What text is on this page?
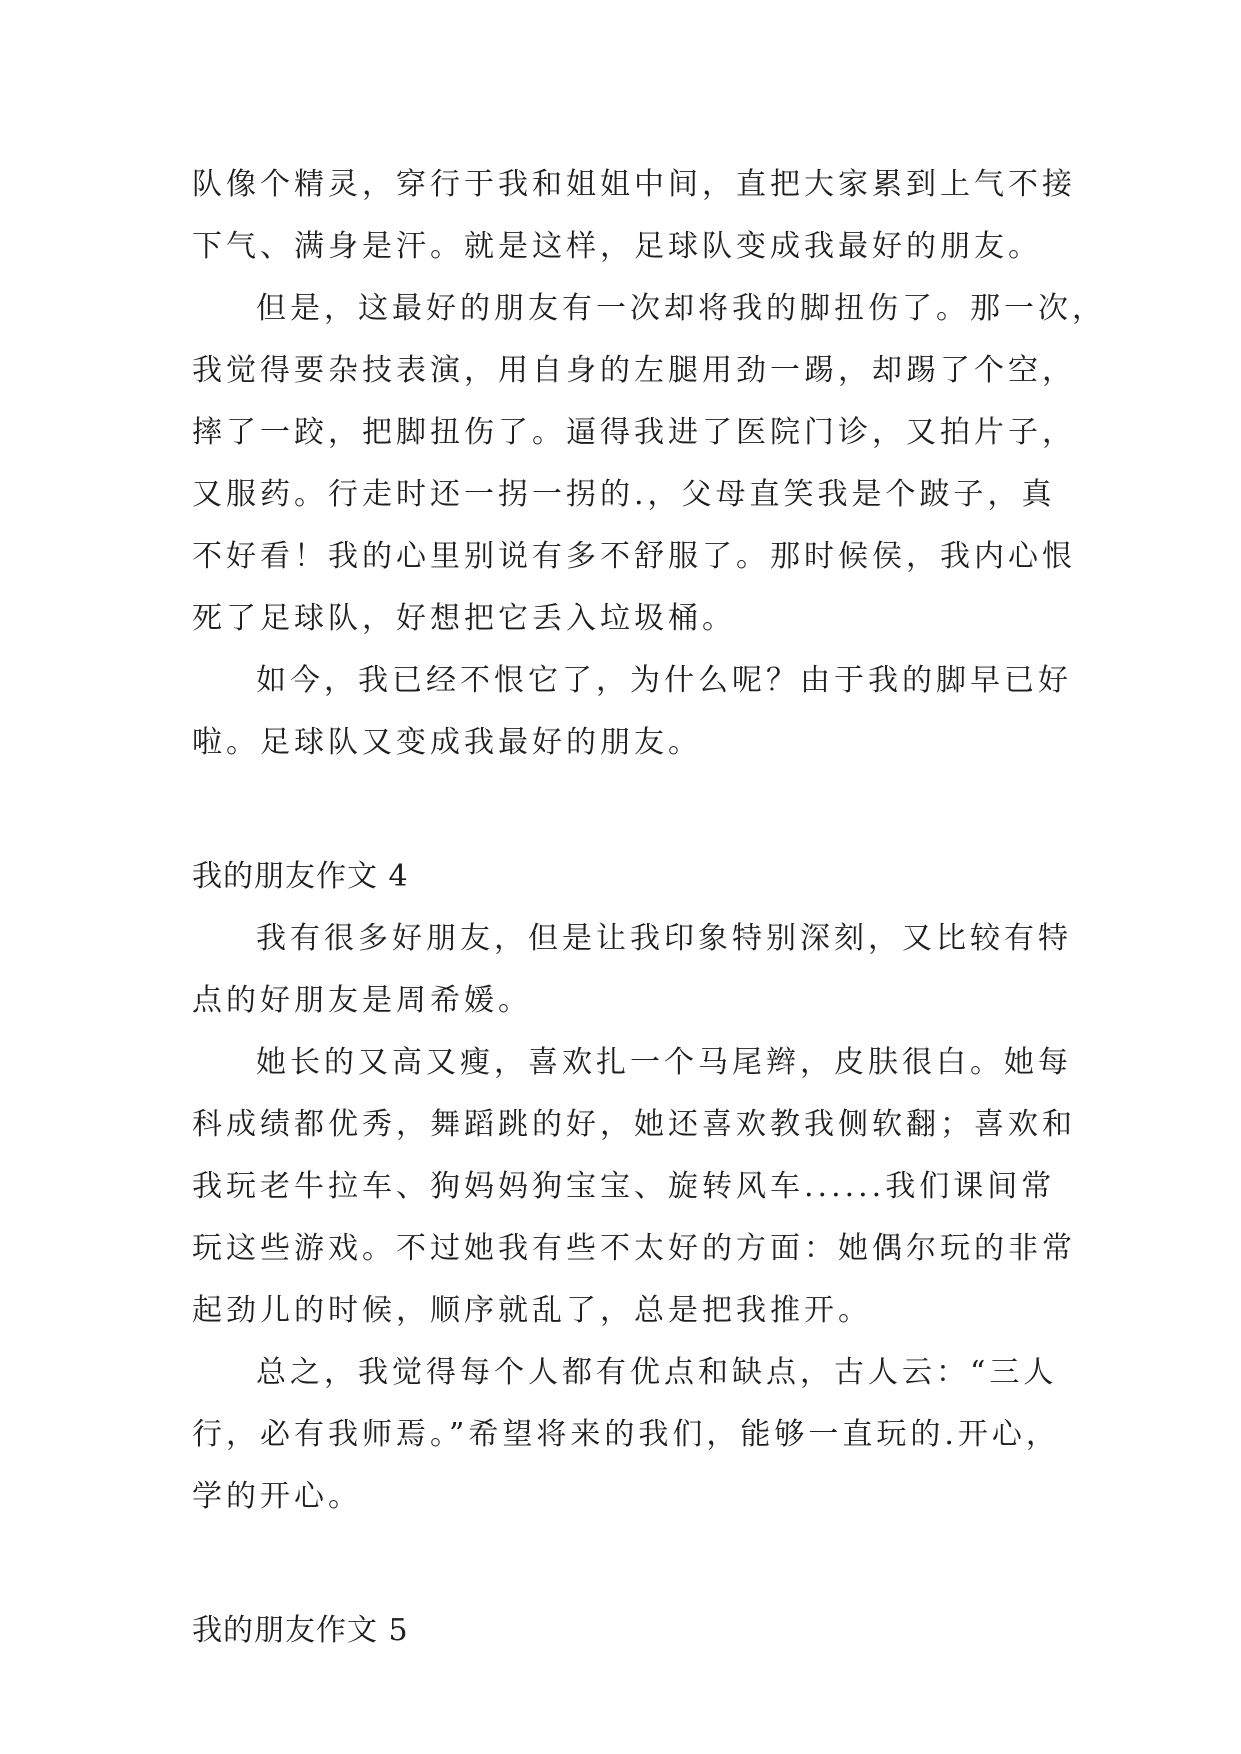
队像个精灵，穿行于我和姐姐中间，直把大家累到上气不接
下气、满身是汗。就是这样，足球队变成我最好的朋友。
但是，这最好的朋友有一次却将我的脚扭伤了。那一次，
我觉得要杂技表演，用自身的左腿用劲一踢，却踢了个空，
摔了一跤，把脚扭伤了。逼得我进了医院门诊，又拍片子，
又服药。行走时还一拐一拐的.，父母直笑我是个跛子，真
不好看！我的心里别说有多不舒服了。那时候侯，我内心恨
死了足球队，好想把它丢入垃圾桶。
如今，我已经不恨它了，为什么呢？由于我的脚早已好
啦。足球队又变成我最好的朋友。
我的朋友作文 4
我有很多好朋友，但是让我印象特别深刻，又比较有特
点的好朋友是周希媛。
她长的又高又瘦，喜欢扎一个马尾辫，皮肤很白。她每
科成绩都优秀，舞蹈跳的好，她还喜欢教我侧软翻；喜欢和
我玩老牛拉车、狗妈妈狗宝宝、旋转风车......我们课间常
玩这些游戏。不过她我有些不太好的方面：她偶尔玩的非常
起劲儿的时候，顺序就乱了，总是把我推开。
总之，我觉得每个人都有优点和缺点，古人云：“三人
行，必有我师焉。”希望将来的我们，能够一直玩的.开心，
学的开心。
我的朋友作文 5
